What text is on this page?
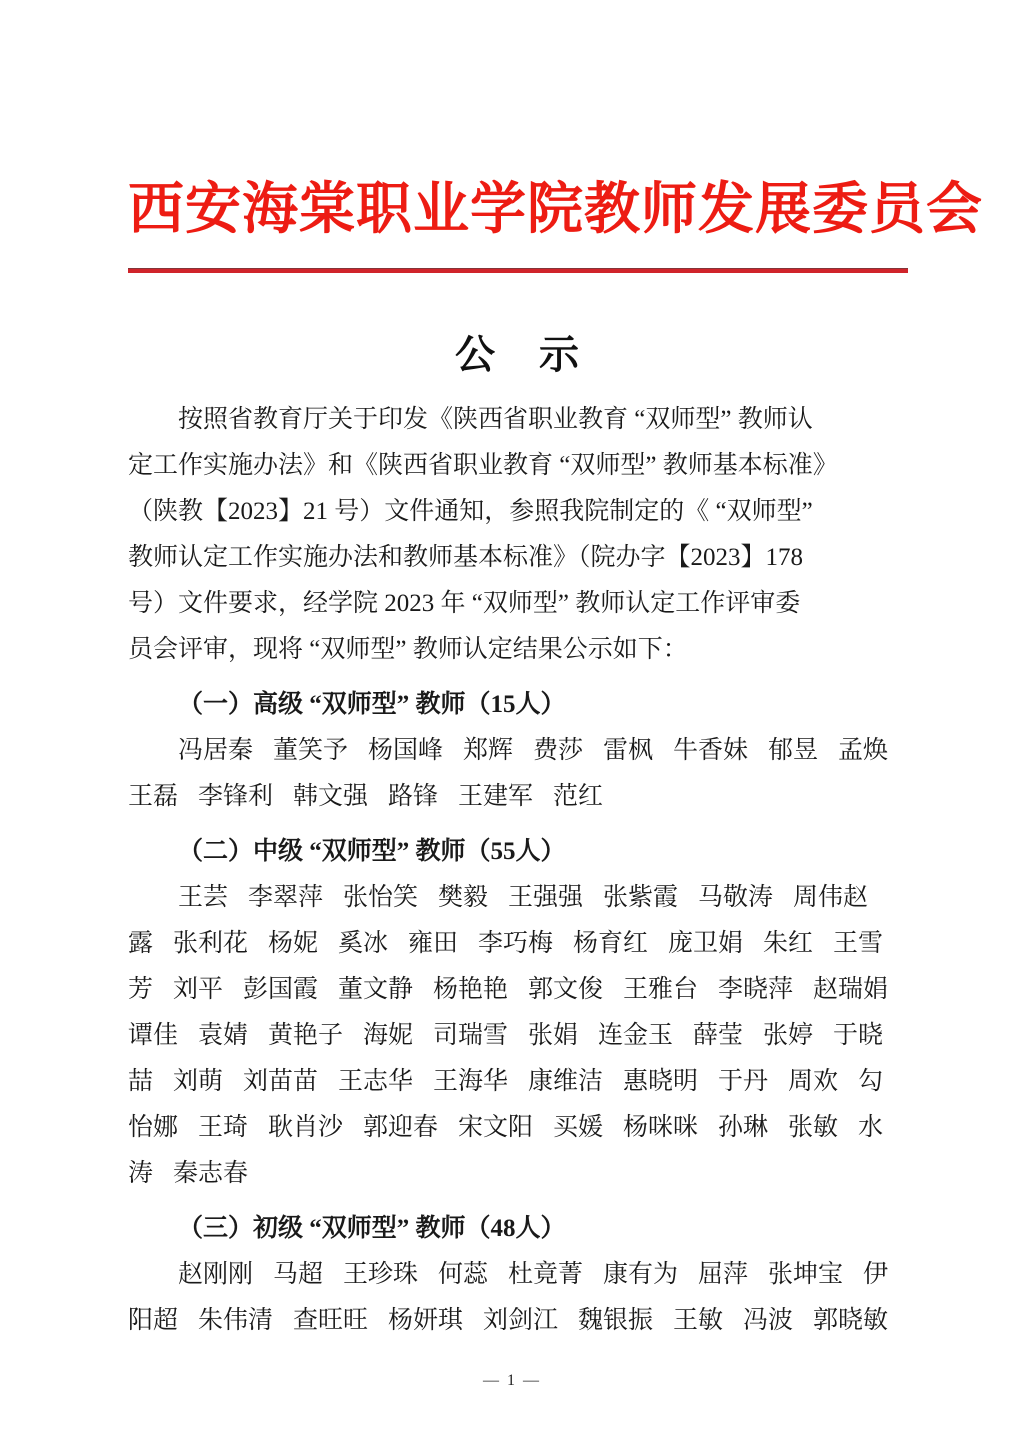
西安海棠职业学院教师发展委员会
公　示
按照省教育厅关于印发《陕西省职业教育 “双师型” 教师认
定工作实施办法》和《陕西省职业教育 “双师型” 教师基本标准》
（陕教【2023】21 号）文件通知，参照我院制定的《 “双师型”
教师认定工作实施办法和教师基本标准》（院办字【2023】178
号）文件要求，经学院 2023 年 “双师型” 教师认定工作评审委
员会评审，现将 “双师型” 教师认定结果公示如下：
（一）高级 “双师型” 教师（15人）
冯居秦 董笑予 杨国峰 郑辉 费莎 雷枫 牛香妹 郁昱 孟焕
王磊 李锋利 韩文强 路锋 王建军 范红
（二）中级 “双师型” 教师（55人）
王芸 李翠萍 张怡笑 樊毅 王强强 张紫霞 马敬涛 周伟赵
露 张利花 杨妮 奚冰 雍田 李巧梅 杨育红 庞卫娟 朱红 王雪
芳 刘平 彭国霞 董文静 杨艳艳 郭文俊 王雅台 李晓萍 赵瑞娟
谭佳 袁婧 黄艳子 海妮 司瑞雪 张娟 连金玉 薛莹 张婷 于晓
喆 刘萌 刘苗苗 王志华 王海华 康维洁 惠晓明 于丹 周欢 勾
怡娜 王琦 耿肖沙 郭迎春 宋文阳 买媛 杨咪咪 孙琳 张敏 水
涛 秦志春
（三）初级 “双师型” 教师（48人）
赵刚刚 马超 王珍珠 何蕊 杜竟菁 康有为 屈萍 张坤宝 伊
阳超 朱伟清 查旺旺 杨妍琪 刘剑江 魏银振 王敏 冯波 郭晓敏
— 1 —
